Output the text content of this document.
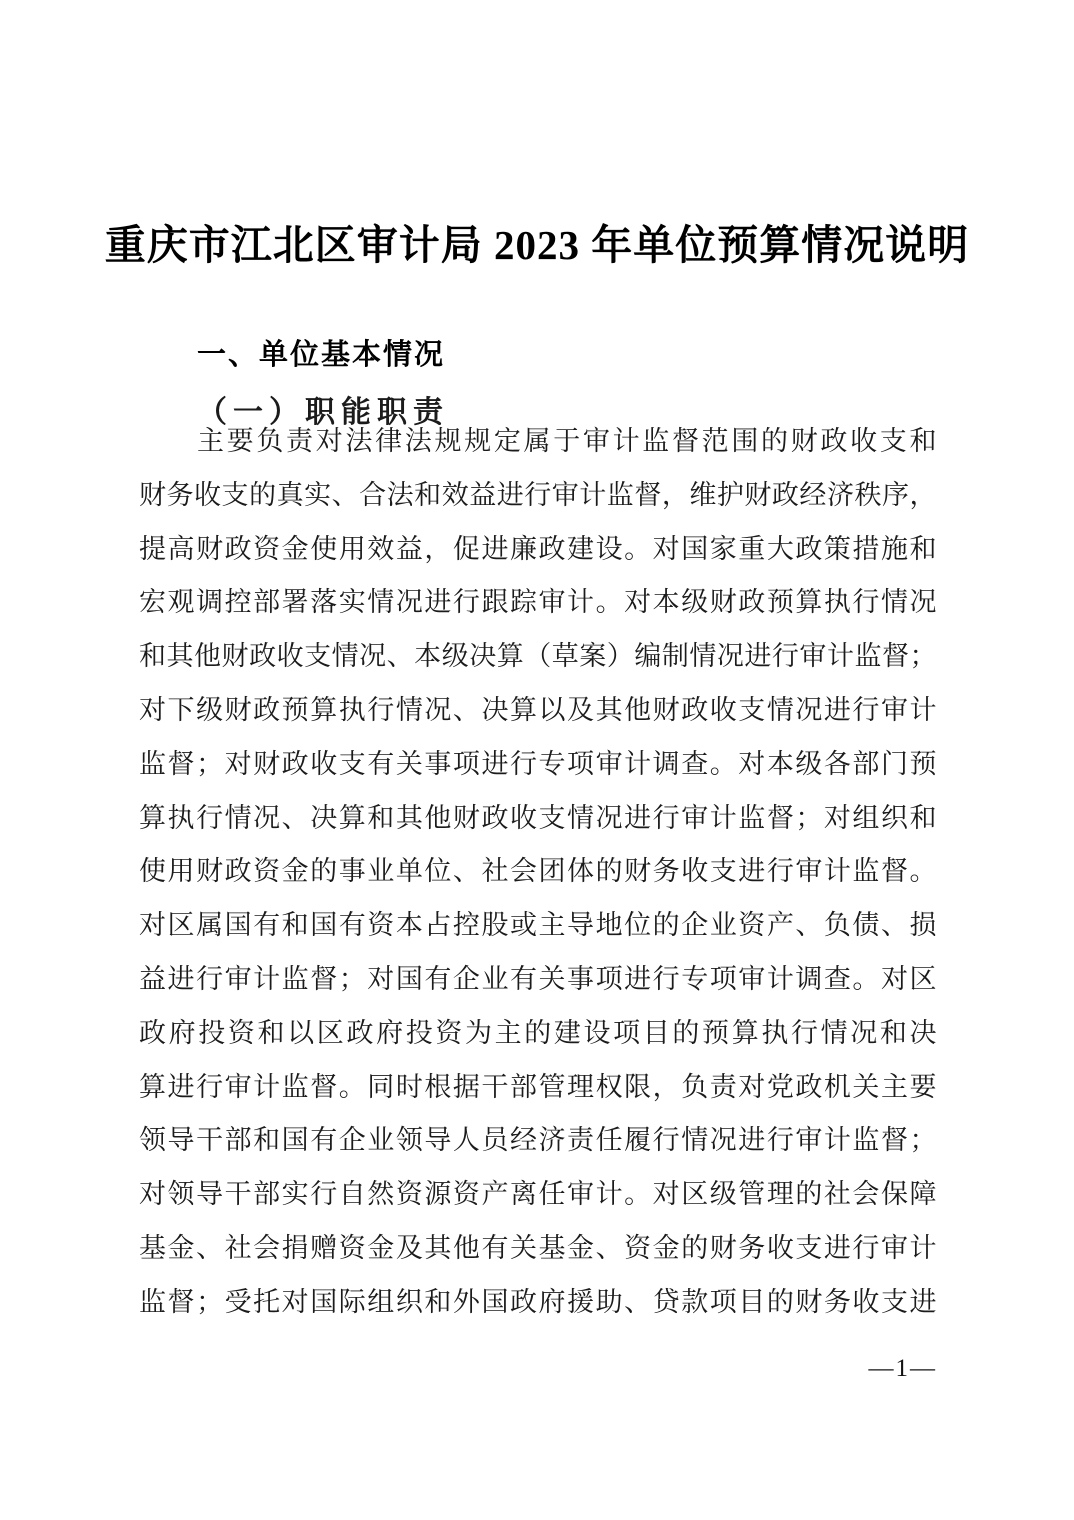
重庆市江北区审计局 2023 年单位预算情况说明
一、单位基本情况
（一）职能职责
主要负责对法律法规规定属于审计监督范围的财政收支和
财务收支的真实、合法和效益进行审计监督，维护财政经济秩序，
提高财政资金使用效益，促进廉政建设。对国家重大政策措施和
宏观调控部署落实情况进行跟踪审计。对本级财政预算执行情况
和其他财政收支情况、本级决算（草案）编制情况进行审计监督；
对下级财政预算执行情况、决算以及其他财政收支情况进行审计
监督；对财政收支有关事项进行专项审计调查。对本级各部门预
算执行情况、决算和其他财政收支情况进行审计监督；对组织和
使用财政资金的事业单位、社会团体的财务收支进行审计监督。
对区属国有和国有资本占控股或主导地位的企业资产、负债、损
益进行审计监督；对国有企业有关事项进行专项审计调查。对区
政府投资和以区政府投资为主的建设项目的预算执行情况和决
算进行审计监督。同时根据干部管理权限，负责对党政机关主要
领导干部和国有企业领导人员经济责任履行情况进行审计监督；
对领导干部实行自然资源资产离任审计。对区级管理的社会保障
基金、社会捐赠资金及其他有关基金、资金的财务收支进行审计
监督；受托对国际组织和外国政府援助、贷款项目的财务收支进
—1—
